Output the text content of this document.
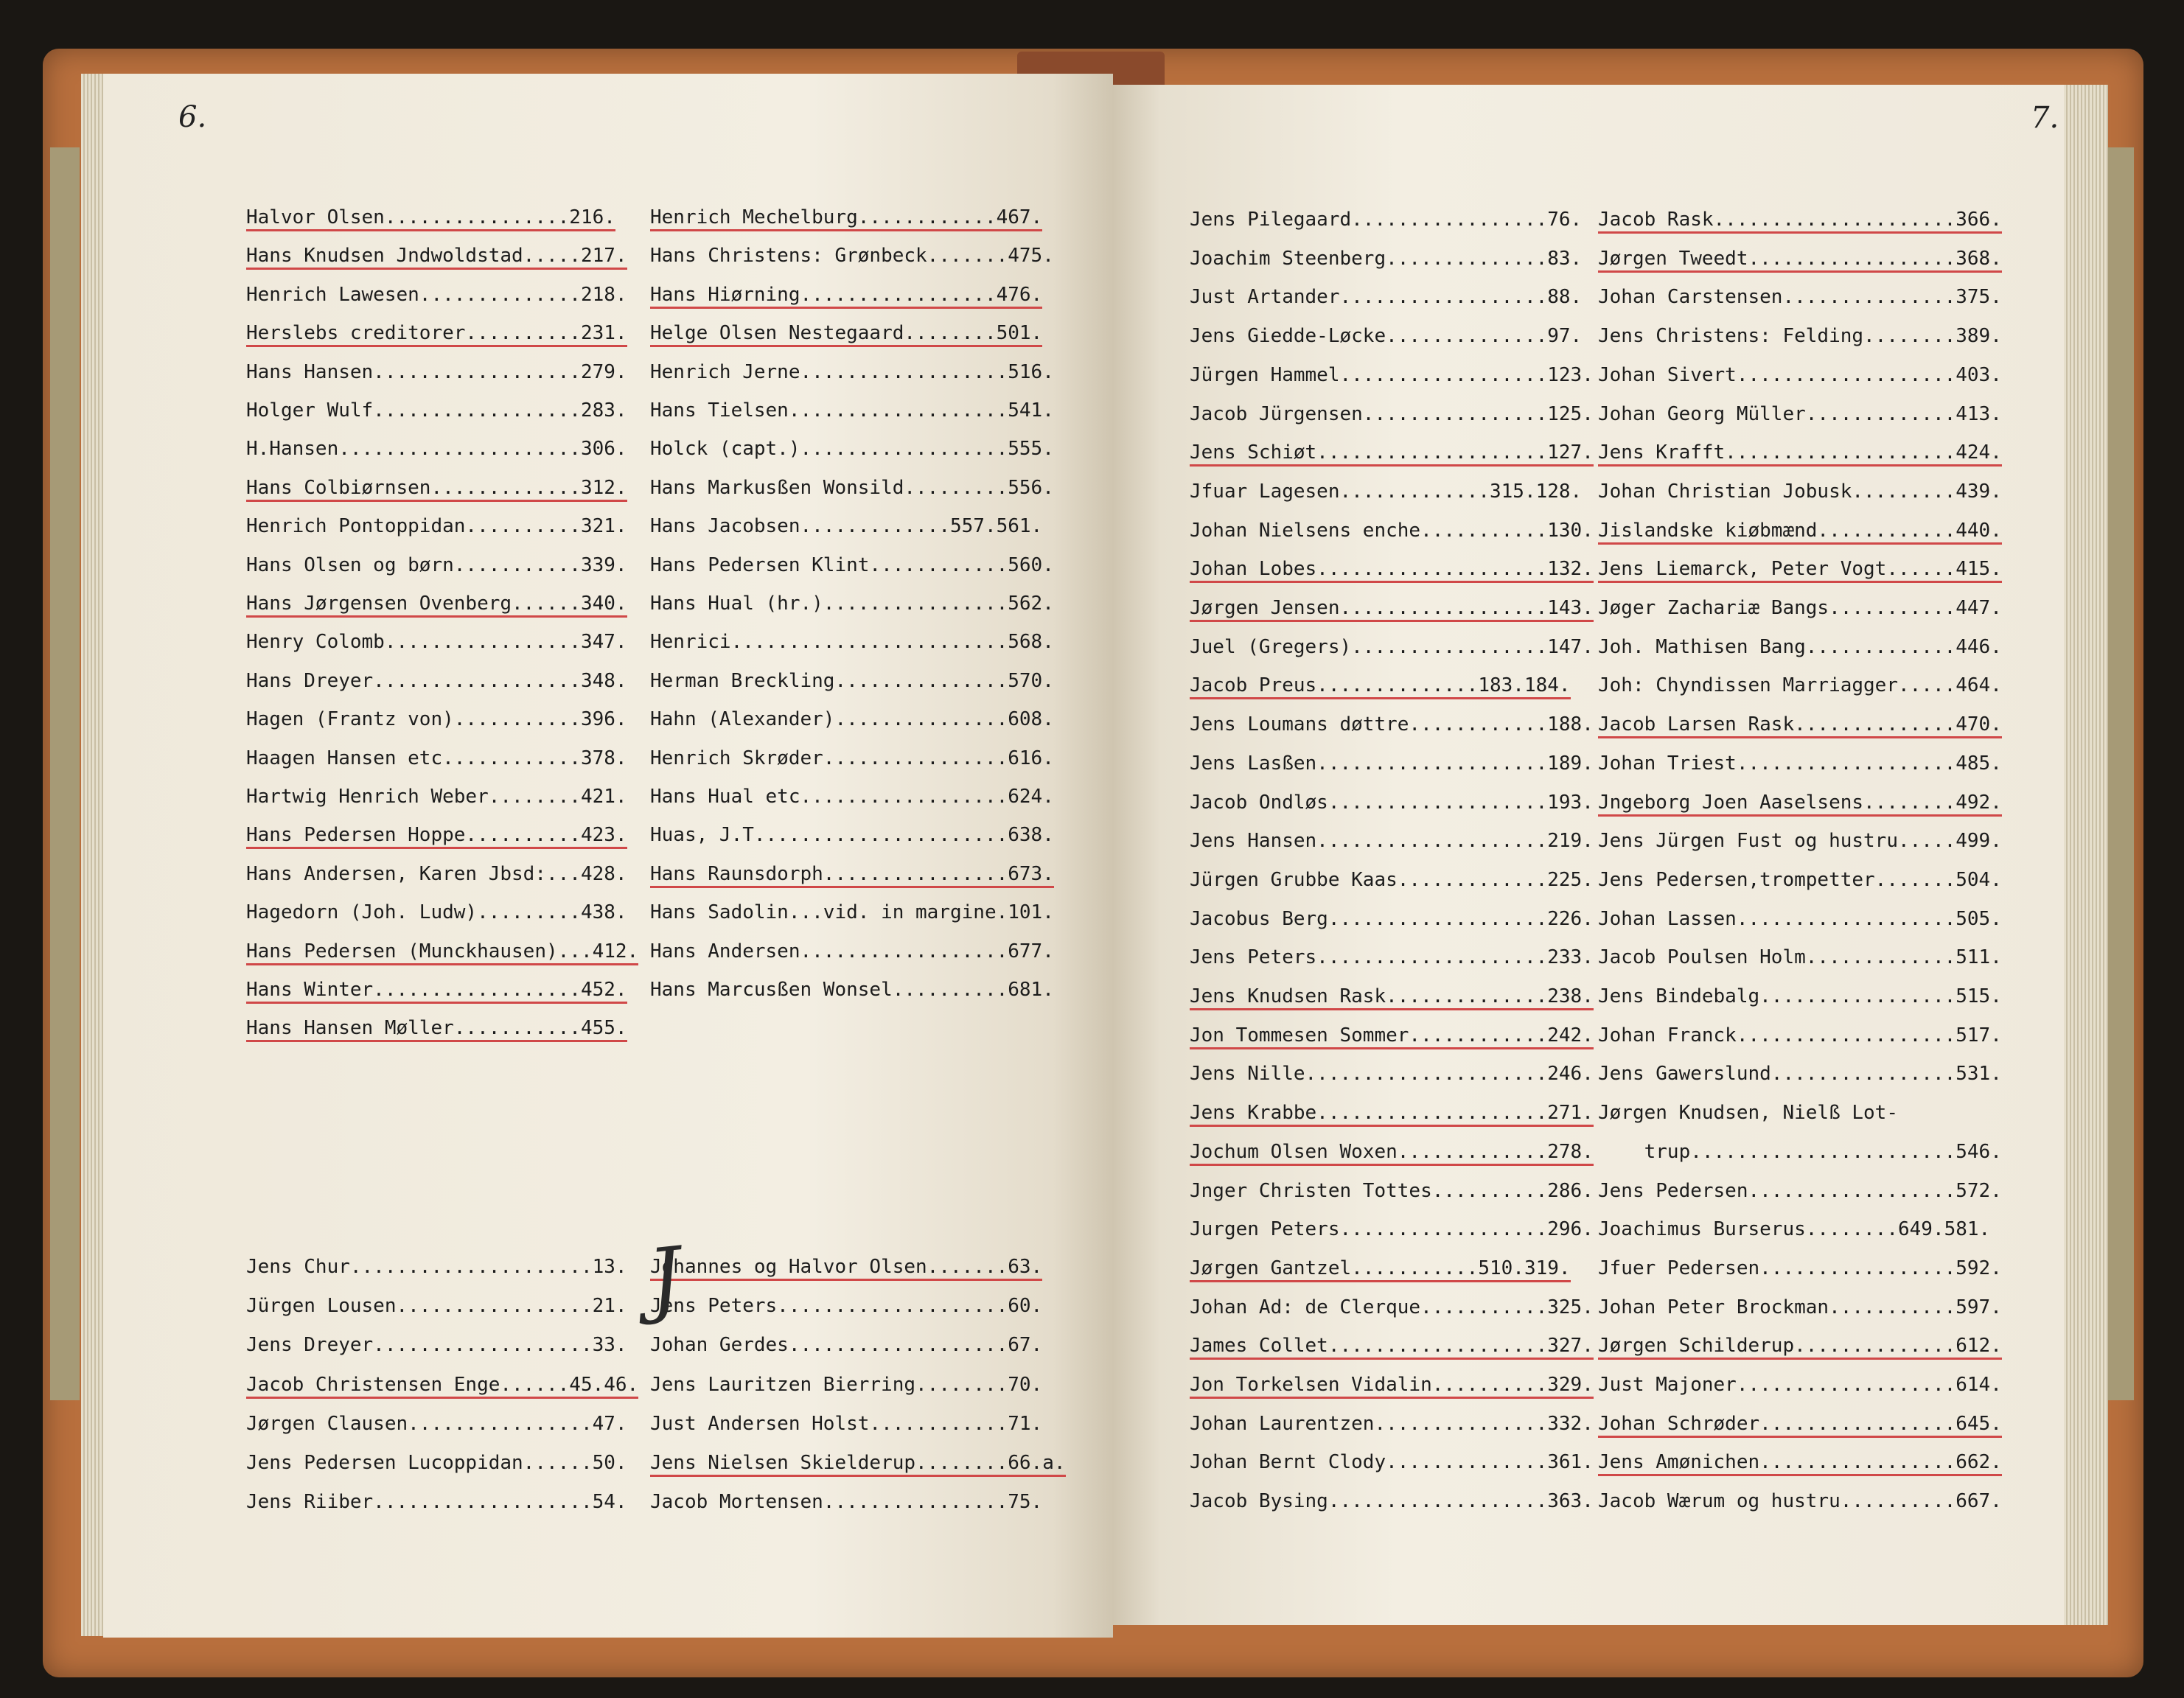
6.
Halvor Olsen................216.
Hans Knudsen Jndwoldstad.....217.
Henrich Lawesen..............218.
Herslebs creditorer..........231.
Hans Hansen..................279.
Holger Wulf..................283.
H.Hansen.....................306.
Hans Colbiørnsen.............312.
Henrich Pontoppidan..........321.
Hans Olsen og børn...........339.
Hans Jørgensen Ovenberg......340.
Henry Colomb.................347.
Hans Dreyer..................348.
Hagen (Frantz von)...........396.
Haagen Hansen etc............378.
Hartwig Henrich Weber........421.
Hans Pedersen Hoppe..........423.
Hans Andersen, Karen Jbsd:...428.
Hagedorn (Joh. Ludw).........438.
Hans Pedersen (Munckhausen)...412.
Hans Winter..................452.
Hans Hansen Møller...........455.
Henrich Mechelburg............467.
Hans Christens: Grønbeck.......475.
Hans Hiørning.................476.
Helge Olsen Nestegaard........501.
Henrich Jerne..................516.
Hans Tielsen...................541.
Holck (capt.)..................555.
Hans Markusßen Wonsild.........556.
Hans Jacobsen.............557.561.
Hans Pedersen Klint............560.
Hans Hual (hr.)................562.
Henrici........................568.
Herman Breckling...............570.
Hahn (Alexander)...............608.
Henrich Skrøder................616.
Hans Hual etc..................624.
Huas, J.T......................638.
Hans Raunsdorph................673.
Hans Sadolin...vid. in margine.101.
Hans Andersen..................677.
Hans Marcusßen Wonsel..........681.
Jens Chur.....................13.
Jürgen Lousen.................21.
Jens Dreyer...................33.
Jacob Christensen Enge......45.46.
Jørgen Clausen................47.
Jens Pedersen Lucoppidan......50.
Jens Riiber...................54.
Johannes og Halvor Olsen.......63.
Jens Peters....................60.
Johan Gerdes...................67.
Jens Lauritzen Bierring........70.
Just Andersen Holst............71.
Jens Nielsen Skielderup........66.a.
Jacob Mortensen................75.
J
7.
Jens Pilegaard.................76.
Joachim Steenberg..............83.
Just Artander..................88.
Jens Giedde-Løcke..............97.
Jürgen Hammel..................123.
Jacob Jürgensen................125.
Jens Schiøt....................127.
Jfuar Lagesen.............315.128.
Johan Nielsens enche...........130.
Johan Lobes....................132.
Jørgen Jensen..................143.
Juel (Gregers).................147.
Jacob Preus..............183.184.
Jens Loumans døttre............188.
Jens Lasßen....................189.
Jacob Ondløs...................193.
Jens Hansen....................219.
Jürgen Grubbe Kaas.............225.
Jacobus Berg...................226.
Jens Peters....................233.
Jens Knudsen Rask..............238.
Jon Tommesen Sommer............242.
Jens Nille.....................246.
Jens Krabbe....................271.
Jochum Olsen Woxen.............278.
Jnger Christen Tottes..........286.
Jurgen Peters..................296.
Jørgen Gantzel...........510.319.
Johan Ad: de Clerque...........325.
James Collet...................327.
Jon Torkelsen Vidalin..........329.
Johan Laurentzen...............332.
Johan Bernt Clody..............361.
Jacob Bysing...................363.
Jacob Rask.....................366.
Jørgen Tweedt..................368.
Johan Carstensen...............375.
Jens Christens: Felding........389.
Johan Sivert...................403.
Johan Georg Müller.............413.
Jens Krafft....................424.
Johan Christian Jobusk.........439.
Jislandske kiøbmænd............440.
Jens Liemarck, Peter Vogt......415.
Jøger Zachariæ Bangs...........447.
Joh. Mathisen Bang.............446.
Joh: Chyndissen Marriagger.....464.
Jacob Larsen Rask..............470.
Johan Triest...................485.
Jngeborg Joen Aaselsens........492.
Jens Jürgen Fust og hustru.....499.
Jens Pedersen,trompetter.......504.
Johan Lassen...................505.
Jacob Poulsen Holm.............511.
Jens Bindebalg.................515.
Johan Franck...................517.
Jens Gawerslund................531.
Jørgen Knudsen, Nielß Lot-
trup.......................546.
Jens Pedersen..................572.
Joachimus Burserus........649.581.
Jfuer Pedersen.................592.
Johan Peter Brockman...........597.
Jørgen Schilderup..............612.
Just Majoner...................614.
Johan Schrøder.................645.
Jens Amønichen.................662.
Jacob Wærum og hustru..........667.
